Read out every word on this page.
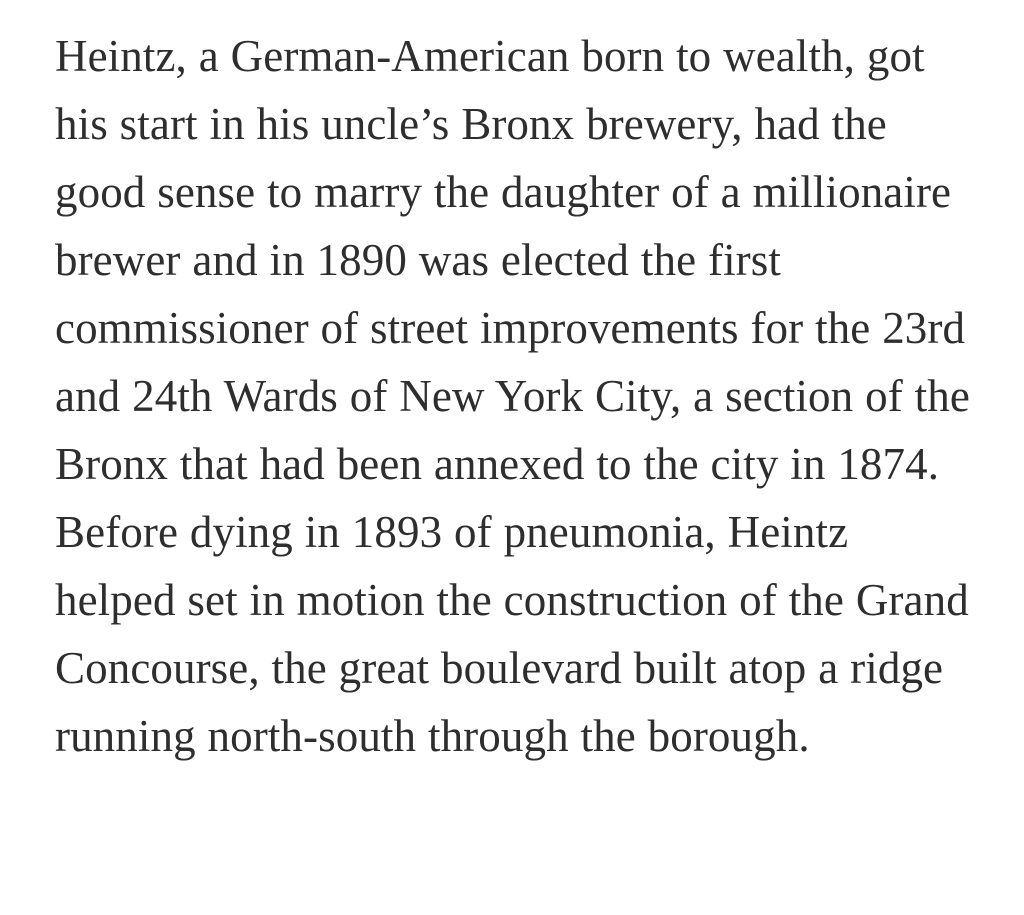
Heintz, a German-American born to wealth, got his start in his uncle’s Bronx brewery, had the good sense to marry the daughter of a millionaire brewer and in 1890 was elected the first commissioner of street improvements for the 23rd and 24th Wards of New York City, a section of the Bronx that had been annexed to the city in 1874.  Before dying in 1893 of pneumonia, Heintz helped set in motion the construction of the Grand Concourse, the great boulevard built atop a ridge running north-south through the borough.
